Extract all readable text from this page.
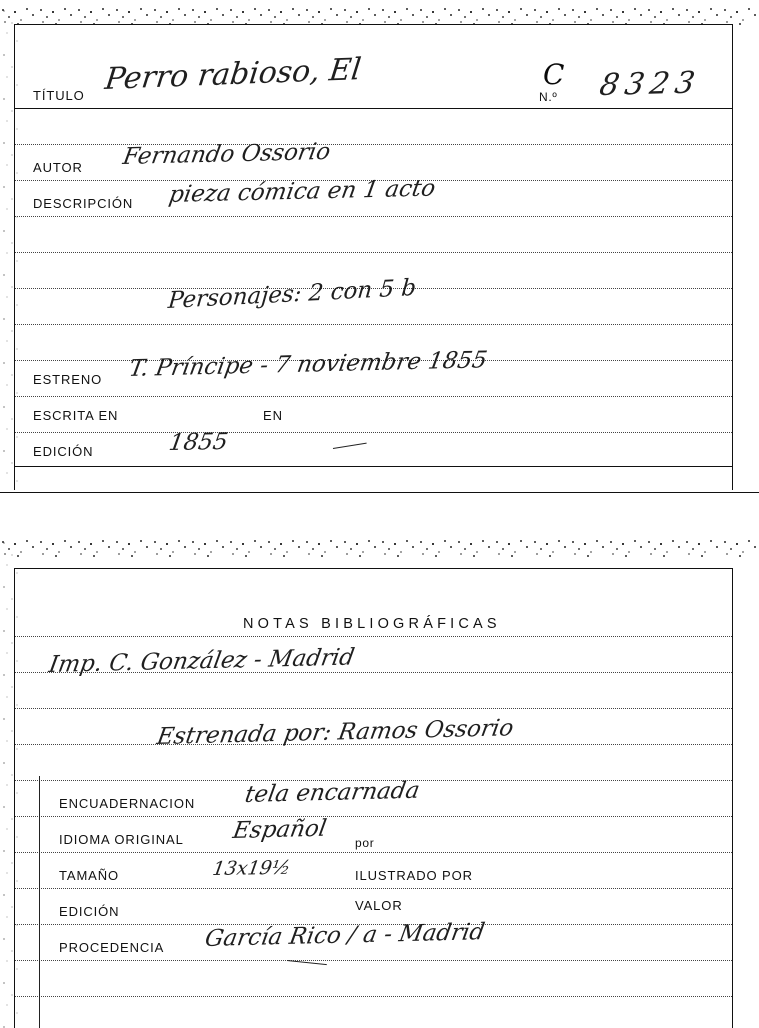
TÍTULO Perro rabioso, El	C
N.º 8323
AUTOR Fernando Ossorio
DESCRIPCIÓN pieza cómica en 1 acto
Personajes: 2 con 5 b
ESTRENO T. Príncipe - 7 noviembre 1855
ESCRITA EN	EN
EDICIÓN	1855
NOTAS BIBLIOGRÁFICAS
Imp. C. González - Madrid
Estrenada por: Ramos Ossorio
ENCUADERNACION tela encarnada
IDIOMA ORIGINAL Español por
TAMAÑO	13x19½	ILUSTRADO POR
EDICIÓN	VALOR
PROCEDENCIA García Rico / a - Madrid
